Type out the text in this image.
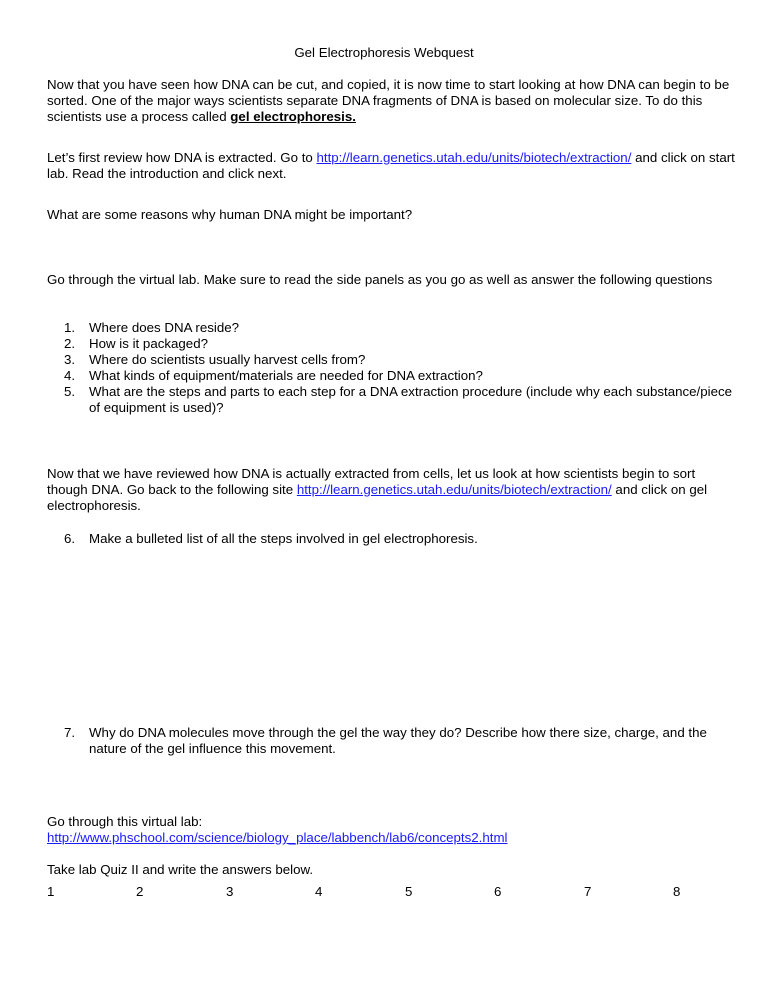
Gel Electrophoresis Webquest
Now that you have seen how DNA can be cut, and copied, it is now time to start looking at how DNA can begin to be sorted. One of the major ways scientists separate DNA fragments of DNA is based on molecular size. To do this scientists use a process called gel electrophoresis.
Let’s first review how DNA is extracted. Go to http://learn.genetics.utah.edu/units/biotech/extraction/ and click on start lab. Read the introduction and click next.
What are some reasons why human DNA might be important?
Go through the virtual lab. Make sure to read the side panels as you go as well as answer the following questions
1. Where does DNA reside?
2. How is it packaged?
3. Where do scientists usually harvest cells from?
4. What kinds of equipment/materials are needed for DNA extraction?
5. What are the steps and parts to each step for a DNA extraction procedure (include why each substance/piece of equipment is used)?
Now that we have reviewed how DNA is actually extracted from cells, let us look at how scientists begin to sort though DNA. Go back to the following site http://learn.genetics.utah.edu/units/biotech/extraction/ and click on gel electrophoresis.
6. Make a bulleted list of all the steps involved in gel electrophoresis.
7. Why do DNA molecules move through the gel the way they do? Describe how there size, charge, and the nature of the gel influence this movement.
Go through this virtual lab:
http://www.phschool.com/science/biology_place/labbench/lab6/concepts2.html
Take lab Quiz II and write the answers below.
1	2	3	4	5	6	7	8
